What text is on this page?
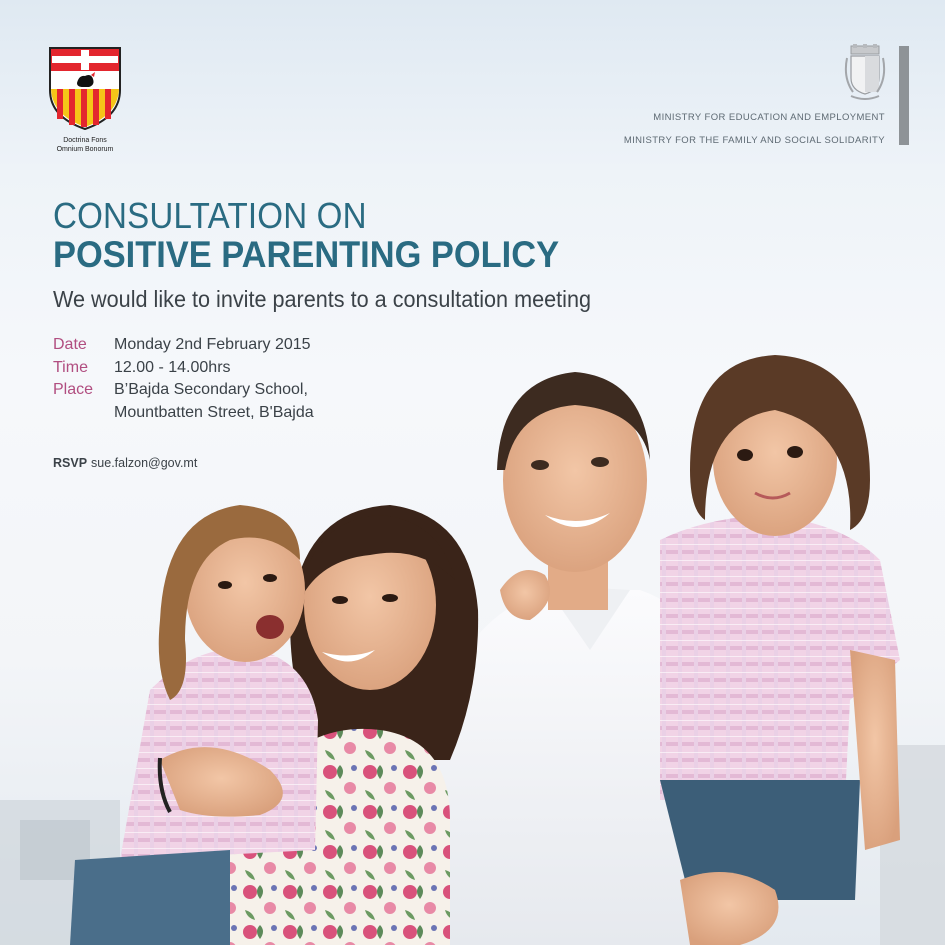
Doctrina Fons
Omnium Bonorum
MINISTRY FOR EDUCATION AND EMPLOYMENT
MINISTRY FOR THE FAMILY AND SOCIAL SOLIDARITY
CONSULTATION ON
POSITIVE PARENTING POLICY
We would like to invite parents to a consultation meeting
Date Monday 2nd February 2015
Time 12.00 - 14.00hrs
Place B’Bajda Secondary School,
Mountbatten Street, B'Bajda
RSVP sue.falzon@gov.mt
